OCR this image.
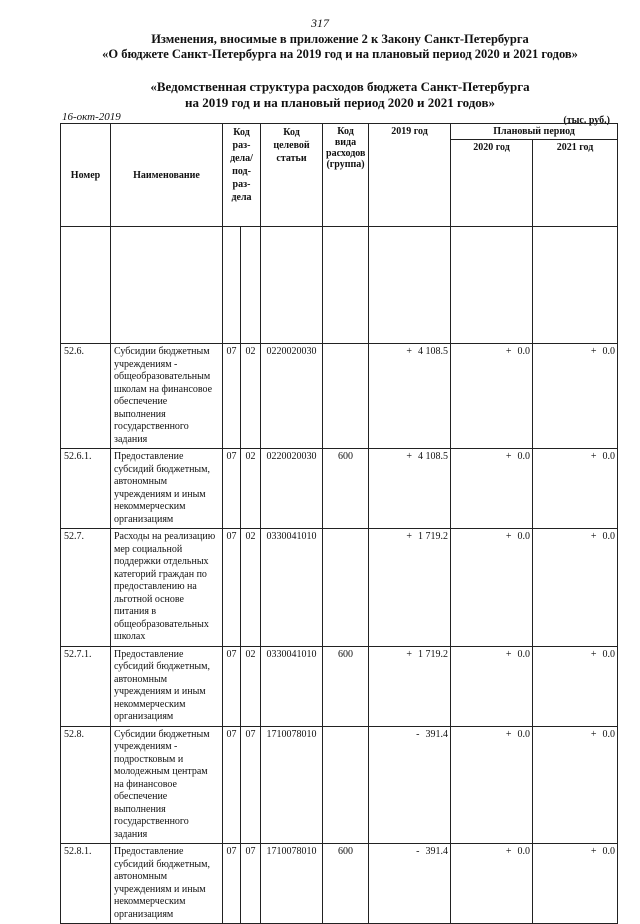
317
Изменения, вносимые в приложение 2 к Закону Санкт-Петербурга
«О бюджете Санкт-Петербурга на 2019 год и на плановый период 2020 и 2021 годов»
«Ведомственная структура расходов бюджета Санкт-Петербурга
на 2019 год и на плановый период 2020 и 2021 годов»
16-окт-2019	(тыс. руб.)
Номер	Наименование	Код раз- дела/ под- раз- дела		Код целевой статьи	Код вида расходов (группа)	2019 год	Плановый период	
							2020 год	2021 год

52.6.	Субсидии бюджетным учреждениям - общеобразовательным школам на финансовое обеспечение выполнения государственного задания	07	02	0220020030		+ 4 108.5	+ 0.0	+ 0.0
52.6.1.	Предоставление субсидий бюджетным, автономным учреждениям и иным некоммерческим организациям	07	02	0220020030	600	+ 4 108.5	+ 0.0	+ 0.0
52.7.	Расходы на реализацию мер социальной поддержки отдельных категорий граждан по предоставлению на льготной основе питания в общеобразовательных школах	07	02	0330041010		+ 1 719.2	+ 0.0	+ 0.0
52.7.1.	Предоставление субсидий бюджетным, автономным учреждениям и иным некоммерческим организациям	07	02	0330041010	600	+ 1 719.2	+ 0.0	+ 0.0
52.8.	Субсидии бюджетным учреждениям - подростковым и молодежным центрам на финансовое обеспечение выполнения государственного задания	07	07	1710078010		- 391.4	+ 0.0	+ 0.0
52.8.1.	Предоставление субсидий бюджетным, автономным учреждениям и иным некоммерческим организациям	07	07	1710078010	600	- 391.4	+ 0.0	+ 0.0
